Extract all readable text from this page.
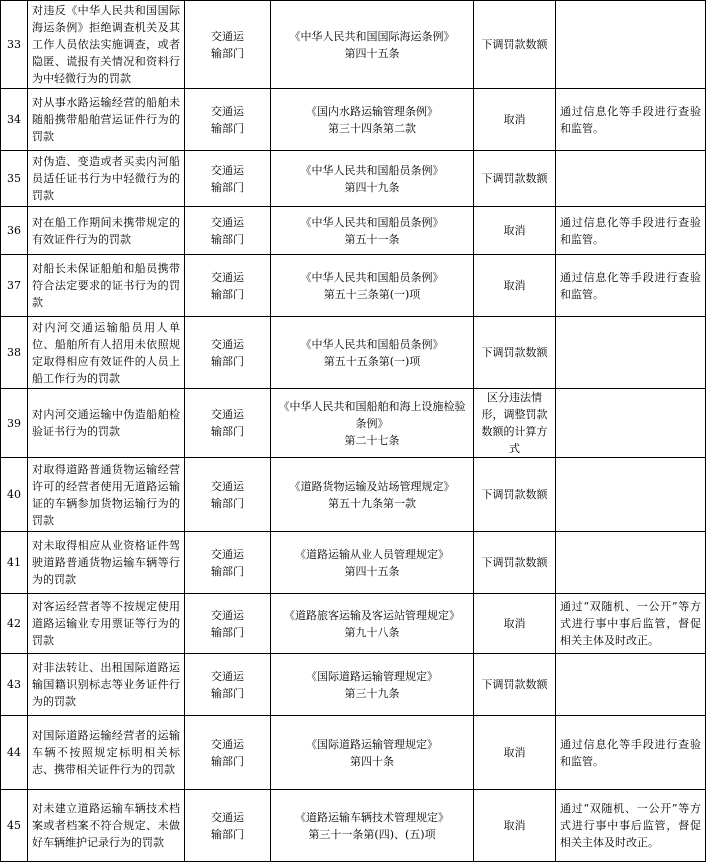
33	对违反《中华人民共和国国际海运条例》拒绝调查机关及其工作人员依法实施调查，或者隐匿、谎报有关情况和资料行为中轻微行为的罚款	交通运输部门	《中华人民共和国国际海运条例》
第四十五条	下调罚款数额	
34	对从事水路运输经营的船舶未随船携带船舶营运证件行为的罚款	交通运输部门	《国内水路运输管理条例》
第三十四条第二款	取消	通过信息化等手段进行查验和监管。
35	对伪造、变造或者买卖内河船员适任证书行为中轻微行为的罚款	交通运输部门	《中华人民共和国船员条例》
第四十九条	下调罚款数额	
36	对在船工作期间未携带规定的有效证件行为的罚款	交通运输部门	《中华人民共和国船员条例》
第五十一条	取消	通过信息化等手段进行查验和监管。
37	对船长未保证船舶和船员携带符合法定要求的证书行为的罚款	交通运输部门	《中华人民共和国船员条例》
第五十三条第(一)项	取消	通过信息化等手段进行查验和监管。
38	对内河交通运输船员用人单位、船舶所有人招用未依照规定取得相应有效证件的人员上船工作行为的罚款	交通运输部门	《中华人民共和国船员条例》
第五十五条第(一)项	下调罚款数额	
39	对内河交通运输中伪造船舶检验证书行为的罚款	交通运输部门	《中华人民共和国船舶和海上设施检验条例》
第二十七条	区分违法情形，调整罚款数额的计算方式	
40	对取得道路普通货物运输经营许可的经营者使用无道路运输证的车辆参加货物运输行为的罚款	交通运输部门	《道路货物运输及站场管理规定》
第五十九条第一款	下调罚款数额	
41	对未取得相应从业资格证件驾驶道路普通货物运输车辆等行为的罚款	交通运输部门	《道路运输从业人员管理规定》
第四十五条	下调罚款数额	
42	对客运经营者等不按规定使用道路运输业专用票证等行为的罚款	交通运输部门	《道路旅客运输及客运站管理规定》
第九十八条	取消	通过“双随机、一公开”等方式进行事中事后监管，督促相关主体及时改正。
43	对非法转让、出租国际道路运输国籍识别标志等业务证件行为的罚款	交通运输部门	《国际道路运输管理规定》
第三十九条	下调罚款数额	
44	对国际道路运输经营者的运输车辆不按照规定标明相关标志、携带相关证件行为的罚款	交通运输部门	《国际道路运输管理规定》
第四十条	取消	通过信息化等手段进行查验和监管。
45	对未建立道路运输车辆技术档案或者档案不符合规定、未做好车辆维护记录行为的罚款	交通运输部门	《道路运输车辆技术管理规定》
第三十一条第(四)、(五)项	取消	通过“双随机、一公开”等方式进行事中事后监管，督促相关主体及时改正。
